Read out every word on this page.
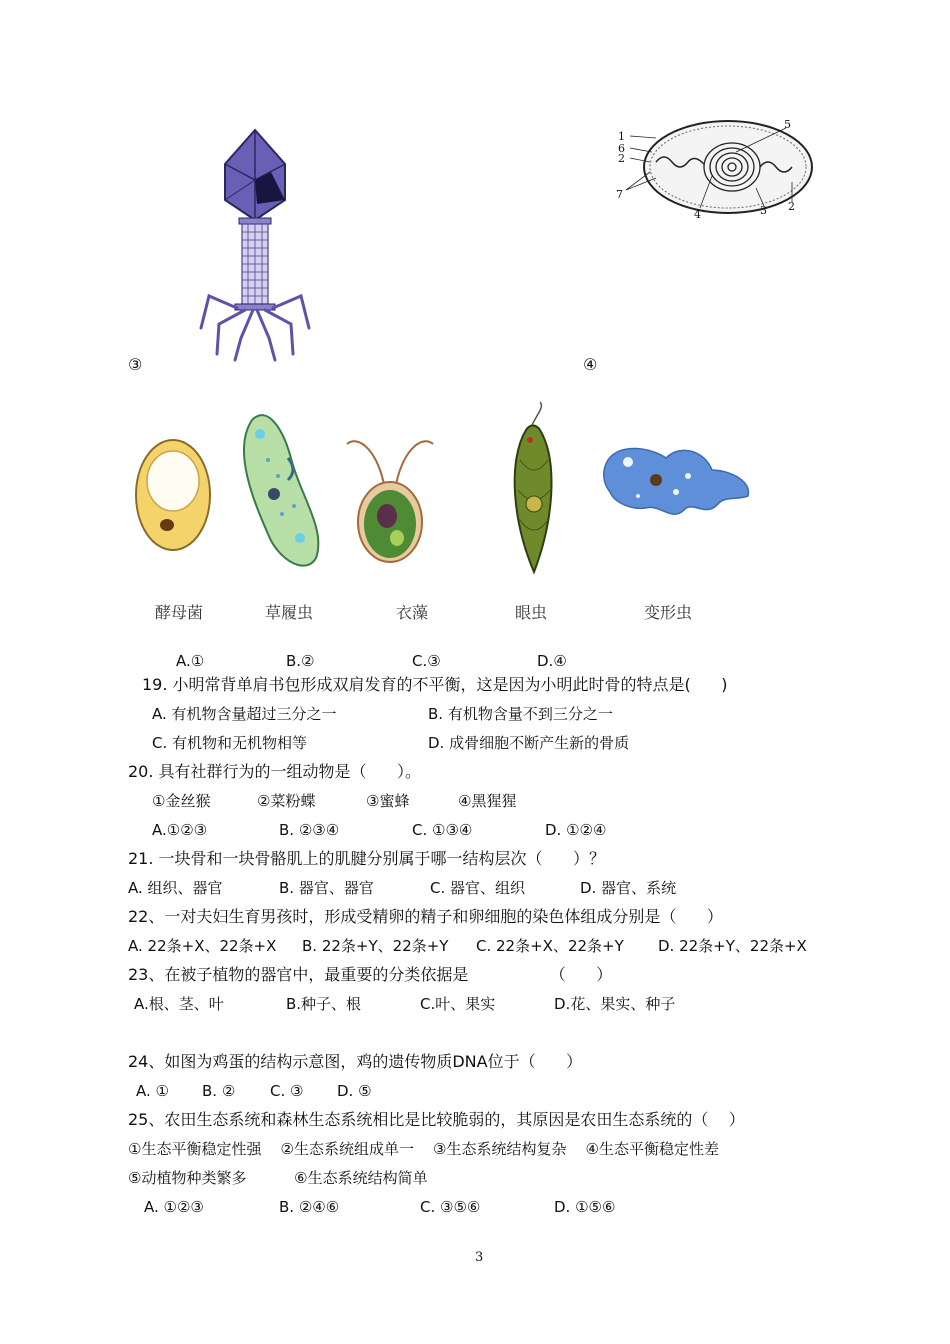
③
1
6
2
7
5
4	3 2
④
酵母菌	草履虫	衣藻	眼虫	变形虫
A.①	B.②	C.③	D.④
19. 小明常背单肩书包形成双肩发育的不平衡，这是因为小明此时骨的特点是(      )
A. 有机物含量超过三分之一	B. 有机物含量不到三分之一
C. 有机物和无机物相等	D. 成骨细胞不断产生新的骨质
20. 具有社群行为的一组动物是（      ）。
①金丝猴	②菜粉蝶	③蜜蜂	④黑猩猩
A.①②③	B. ②③④	C. ①③④	D. ①②④
21. 一块骨和一块骨骼肌上的肌腱分别属于哪一结构层次（      ）？
A. 组织、器官	B. 器官、器官	C. 器官、组织	D. 器官、系统
22、一对夫妇生育男孩时，形成受精卵的精子和卵细胞的染色体组成分别是（      ）
A. 22条+X、22条+X B. 22条+Y、22条+Y C. 22条+X、22条+Y D. 22条+Y、22条+X
23、在被子植物的器官中，最重要的分类依据是                （      ）
A.根、茎、叶	B.种子、根	C.叶、果实	D.花、果实、种子
24、如图为鸡蛋的结构示意图，鸡的遗传物质DNA位于（      ）
A. ① B. ② C. ③ D. ⑤
25、农田生态系统和森林生态系统相比是比较脆弱的，其原因是农田生态系统的（    ）
①生态平衡稳定性强    ②生态系统组成单一    ③生态系统结构复杂    ④生态平衡稳定性差
⑤动植物种类繁多          ⑥生态系统结构简单
A. ①②③	B. ②④⑥	C. ③⑤⑥	D. ①⑤⑥
3
